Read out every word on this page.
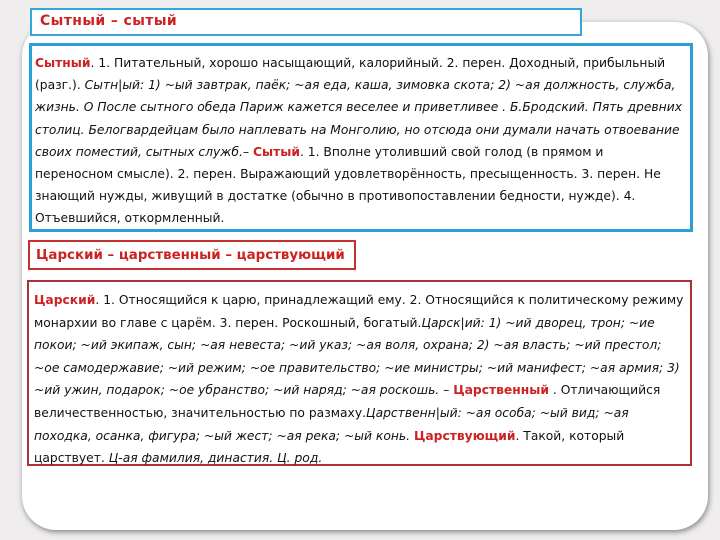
Сытный – сытый
Сытный. 1. Питательный, хорошо насыщающий, калорийный. 2. перен. Доходный, прибыльный (разг.). Сытн|ый: 1) ~ый завтрак, паёк; ~ая еда, каша, зимовка скота; 2) ~ая должность, служба, жизнь. О После сытного обеда Париж кажется веселее и приветливее . Б.Бродский. Пять древних столиц. Белогвардейцам было наплевать на Монголию, но отсюда они думали начать отвоевание своих поместий, сытных служб.– Сытый. 1. Вполне утоливший свой голод (в прямом и переносном смысле). 2. перен. Выражающий удовлетворённость, пресыщенность. 3. перен. Не знающий нужды, живущий в достатке (обычно в противопоставлении бедности, нужде). 4. Отъевшийся, откормленный.
Царский – царственный – царствующий
Царский. 1. Относящийся к царю, принадлежащий ему. 2. Относящийся к политическому режиму монархии во главе с царём. 3. перен. Роскошный, богатый.Царск|ий: 1) ~ий дворец, трон; ~ие покои; ~ий экипаж, сын; ~ая невеста; ~ий указ; ~ая воля, охрана; 2) ~ая власть; ~ий престол; ~ое самодержавие; ~ий режим; ~ое правительство; ~ие министры; ~ий манифест; ~ая армия; 3) ~ий ужин, подарок; ~ое убранство; ~ий наряд; ~ая роскошь. – Царственный . Отличающийся величественностью, значительностью по размаху.Царственн|ый: ~ая особа; ~ый вид; ~ая походка, осанка, фигура; ~ый жест; ~ая река; ~ый конь. Царствующий. Такой, который царствует. Ц-ая фамилия, династия. Ц. род.
